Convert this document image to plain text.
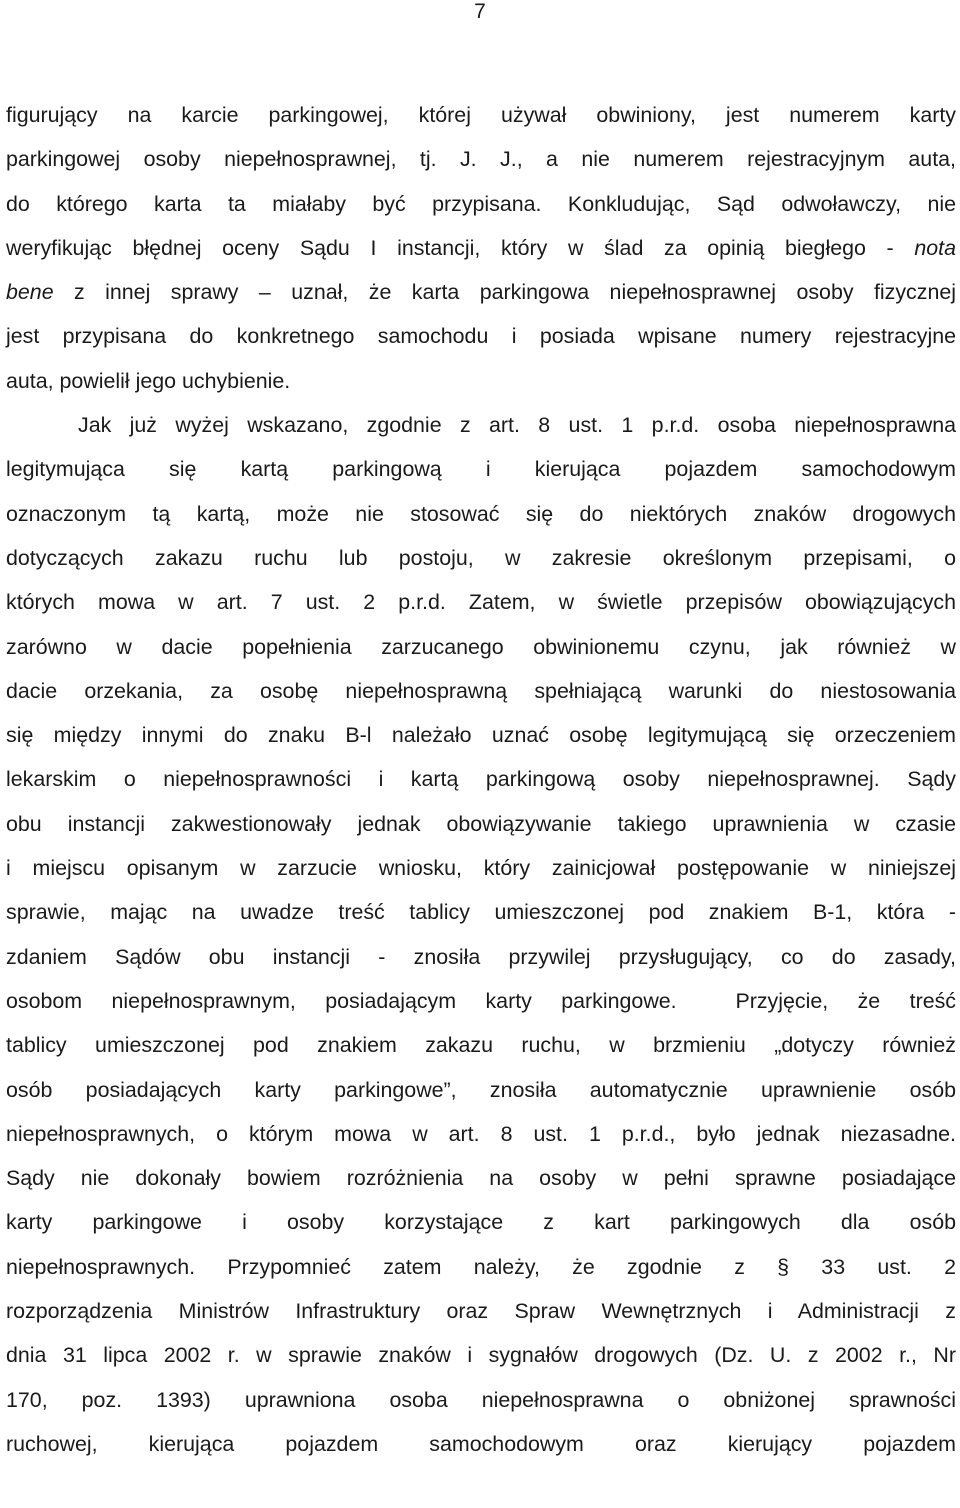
7
figurujący na karcie parkingowej, której używał obwiniony, jest numerem karty
parkingowej osoby niepełnosprawnej, tj. J. J., a nie numerem rejestracyjnym auta,
do którego karta ta miałaby być przypisana. Konkludując, Sąd odwoławczy, nie
weryfikując błędnej oceny Sądu I instancji, który w ślad za opinią biegłego - nota
bene z innej sprawy – uznał, że karta parkingowa niepełnosprawnej osoby fizycznej
jest przypisana do konkretnego samochodu i posiada wpisane numery rejestracyjne
auta, powielił jego uchybienie.
Jak już wyżej wskazano, zgodnie z art. 8 ust. 1 p.r.d. osoba niepełnosprawna
legitymująca się kartą parkingową i kierująca pojazdem samochodowym
oznaczonym tą kartą, może nie stosować się do niektórych znaków drogowych
dotyczących zakazu ruchu lub postoju, w zakresie określonym przepisami, o
których mowa w art. 7 ust. 2 p.r.d. Zatem, w świetle przepisów obowiązujących
zarówno w dacie popełnienia zarzucanego obwinionemu czynu, jak również w
dacie orzekania, za osobę niepełnosprawną spełniającą warunki do niestosowania
się między innymi do znaku B-l należało uznać osobę legitymującą się orzeczeniem
lekarskim o niepełnosprawności i kartą parkingową osoby niepełnosprawnej. Sądy
obu instancji zakwestionowały jednak obowiązywanie takiego uprawnienia w czasie
i miejscu opisanym w zarzucie wniosku, który zainicjował postępowanie w niniejszej
sprawie, mając na uwadze treść tablicy umieszczonej pod znakiem B-1, która -
zdaniem Sądów obu instancji - znosiła przywilej przysługujący, co do zasady,
osobom niepełnosprawnym, posiadającym karty parkingowe.  Przyjęcie, że treść
tablicy umieszczonej pod znakiem zakazu ruchu, w brzmieniu „dotyczy również
osób posiadających karty parkingowe”, znosiła automatycznie uprawnienie osób
niepełnosprawnych, o którym mowa w art. 8 ust. 1 p.r.d., było jednak niezasadne.
Sądy nie dokonały bowiem rozróżnienia na osoby w pełni sprawne posiadające
karty parkingowe i osoby korzystające z kart parkingowych dla osób
niepełnosprawnych. Przypomnieć zatem należy, że zgodnie z § 33 ust. 2
rozporządzenia Ministrów Infrastruktury oraz Spraw Wewnętrznych i Administracji z
dnia 31 lipca 2002 r. w sprawie znaków i sygnałów drogowych (Dz. U. z 2002 r., Nr
170, poz. 1393) uprawniona osoba niepełnosprawna o obniżonej sprawności
ruchowej, kierująca pojazdem samochodowym oraz kierujący pojazdem
